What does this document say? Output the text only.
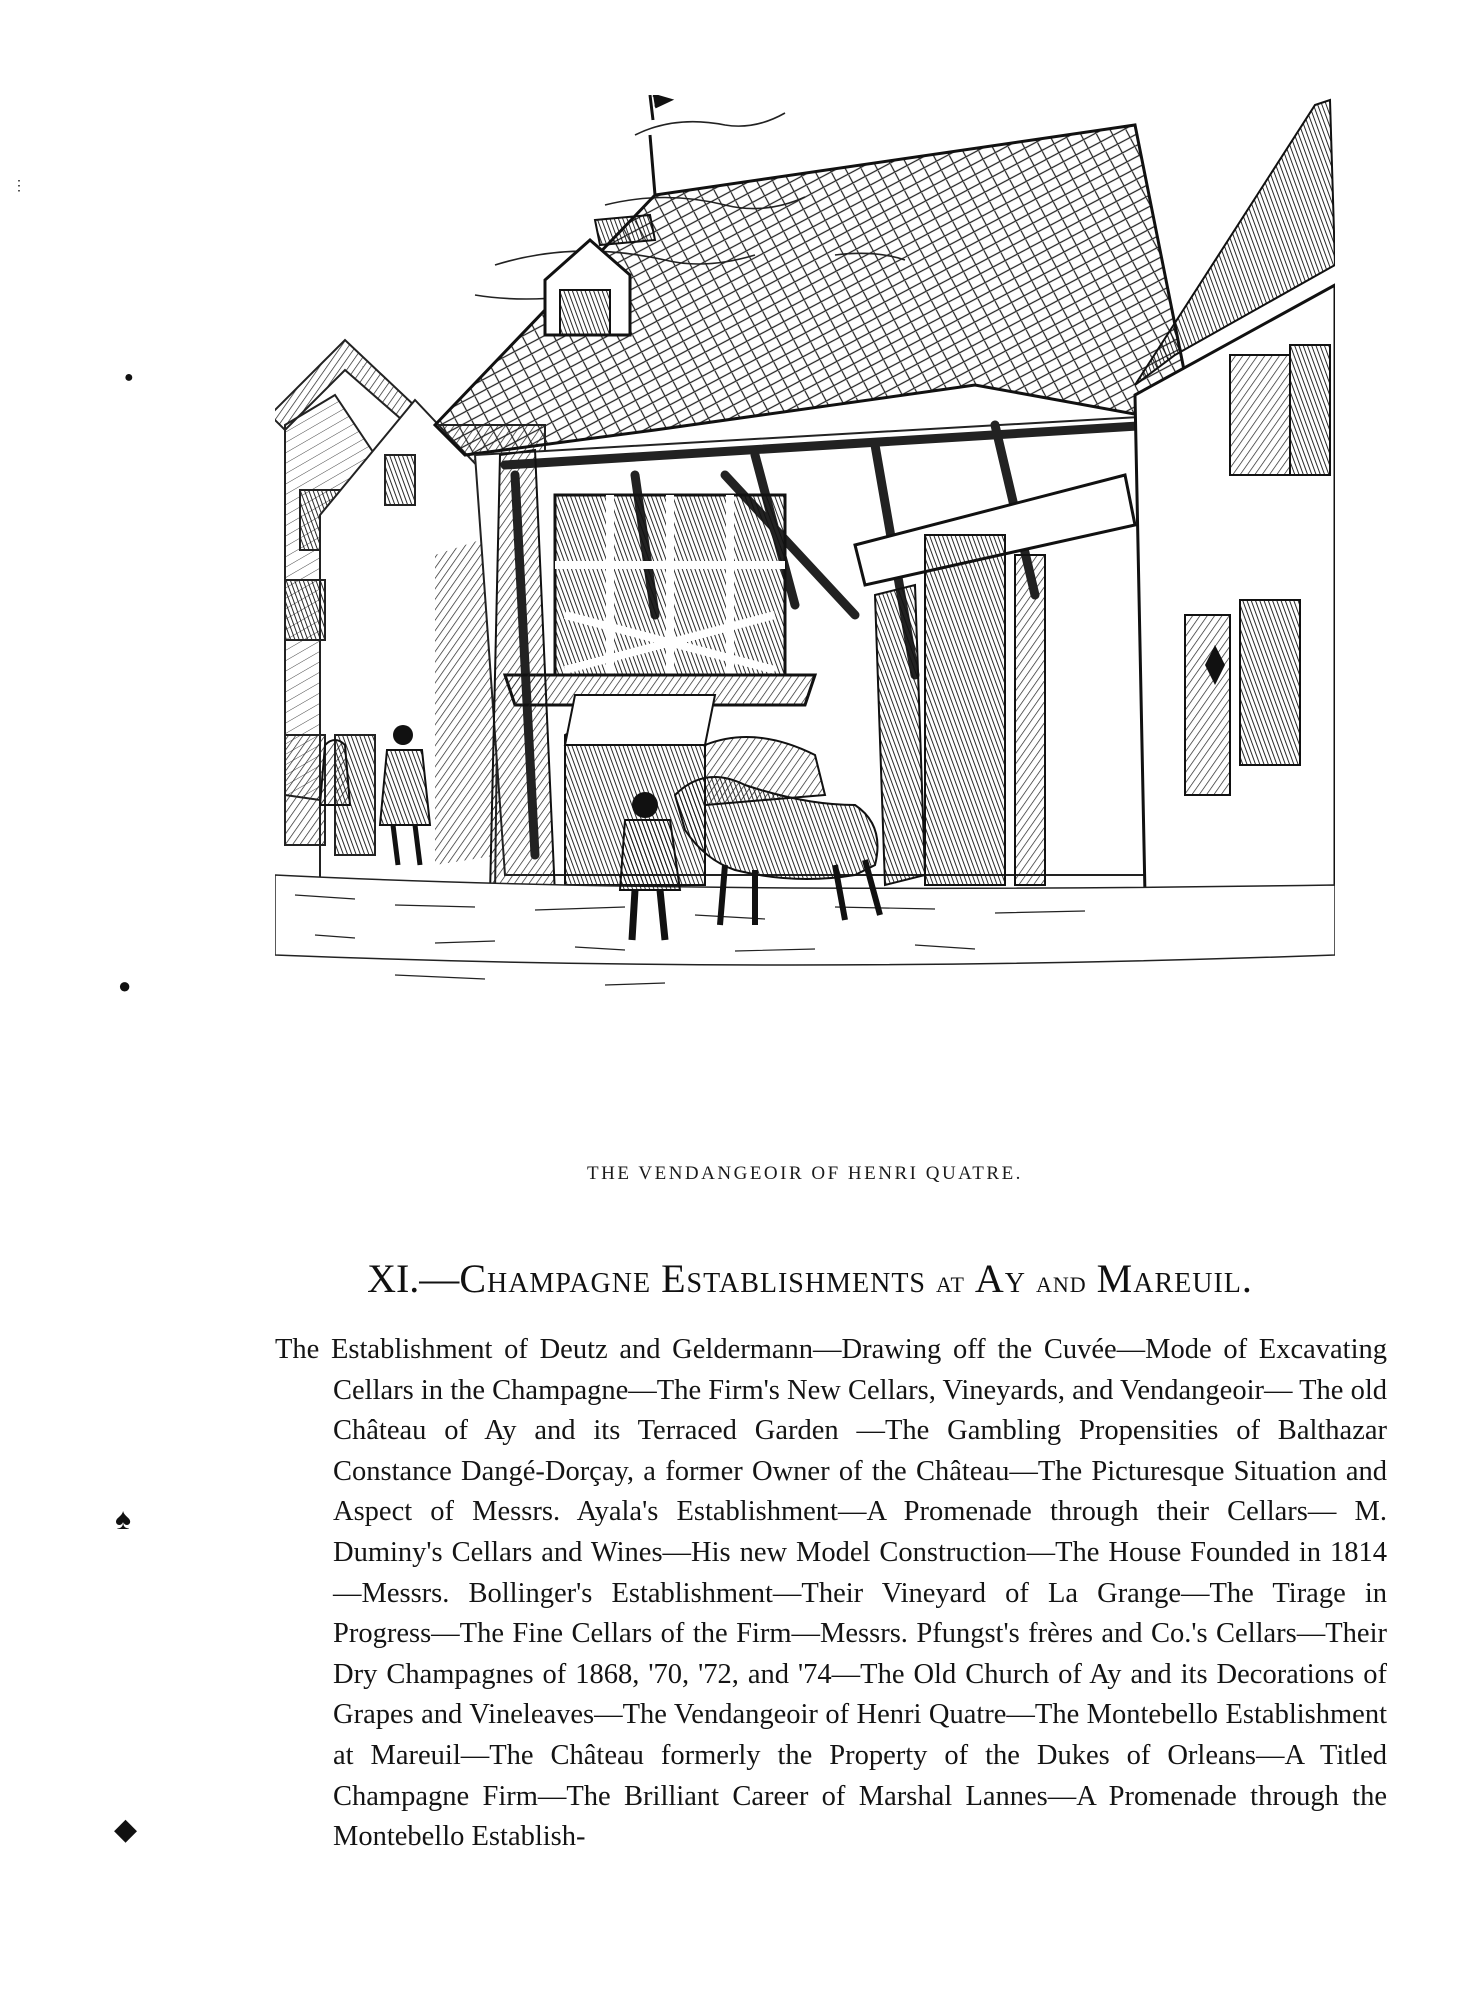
THE VENDANGEOIR OF HENRI QUATRE.
XI.—Champagne Establishments at Ay and Mareuil.
The Establishment of Deutz and Geldermann—Drawing off the Cuvée—Mode of Excavating Cellars in the Champagne—The Firm's New Cellars, Vineyards, and Vendangeoir— The old Château of Ay and its Terraced Garden —The Gambling Propensities of Balthazar Constance Dangé-Dorçay, a former Owner of the Château—The Picturesque Situation and Aspect of Messrs. Ayala's Establishment—A Promenade through their Cellars— M. Duminy's Cellars and Wines—His new Model Construction—The House Founded in 1814—Messrs. Bollinger's Establishment—Their Vineyard of La Grange—The Tirage in Progress—The Fine Cellars of the Firm—Messrs. Pfungst's frères and Co.'s Cellars—Their Dry Champagnes of 1868, '70, '72, and '74—The Old Church of Ay and its Decorations of Grapes and Vineleaves—The Vendangeoir of Henri Quatre—The Montebello Establishment at Mareuil—The Château formerly the Property of the Dukes of Orleans—A Titled Champagne Firm—The Brilliant Career of Marshal Lannes—A Promenade through the Montebello Establish-
●
●
♠
◆
⋮
